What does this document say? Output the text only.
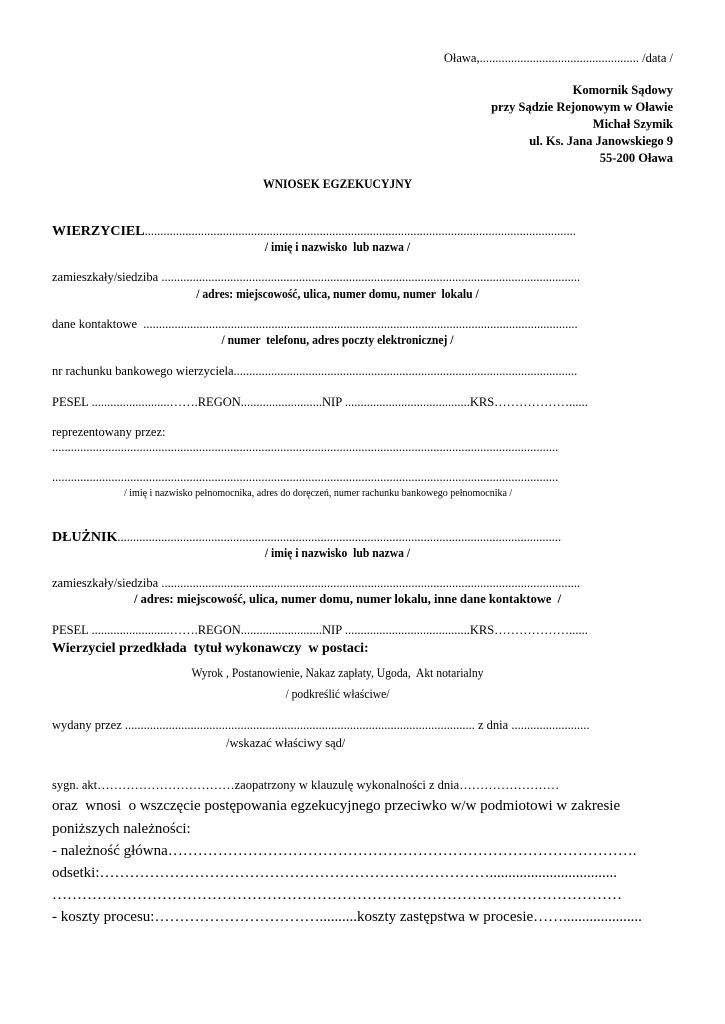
Oława,................................................... /data /
Komornik Sądowy
przy Sądzie Rejonowym w Oławie
Michał Szymik
ul. Ks. Jana Janowskiego 9
55-200 Oława
WNIOSEK EGZEKUCYJNY
WIERZYCIEL..........................................................................................................................................
/ imię i nazwisko  lub nazwa /
zamieszkały/siedziba ......................................................................................................................................
/ adres: miejscowość, ulica, numer domu, numer  lokalu /
dane kontaktowe  ...........................................................................................................................................
/ numer  telefonu, adres poczty elektronicznej /
nr rachunku bankowego wierzyciela..............................................................................................................
PESEL .........................…….REGON..........................NIP ........................................KRS………………......
reprezentowany przez:
..................................................................................................................................................................
..................................................................................................................................................................
/ imię i nazwisko pełnomocnika, adres do doręczeń, numer rachunku bankowego pełnomocnika /
DŁUŻNIK..............................................................................................................................................
/ imię i nazwisko  lub nazwa /
zamieszkały/siedziba ......................................................................................................................................
/ adres: miejscowość, ulica, numer domu, numer lokalu, inne dane kontaktowe  /
PESEL .........................…….REGON..........................NIP ........................................KRS………………......
Wierzyciel przedkłada  tytuł wykonawczy  w postaci:
Wyrok , Postanowienie, Nakaz zapłaty, Ugoda,  Akt notarialny
/ podkreślić właściwe/
wydany przez ................................................................................................................ z dnia .........................
/wskazać właściwy sąd/
sygn. akt……………………………zaopatrzony w klauzulę wykonalności z dnia……………………
oraz  wnosi  o wszczęcie postępowania egzekucyjnego przeciwko w/w podmiotowi w zakresie
poniższych należności:
- należność główna………………………………………………………………………………….
odsetki:……………………………………………………………………..................................
……………………………………………………………………………………………………
- koszty procesu:……………………………..........koszty zastępstwa w procesie…….....................
